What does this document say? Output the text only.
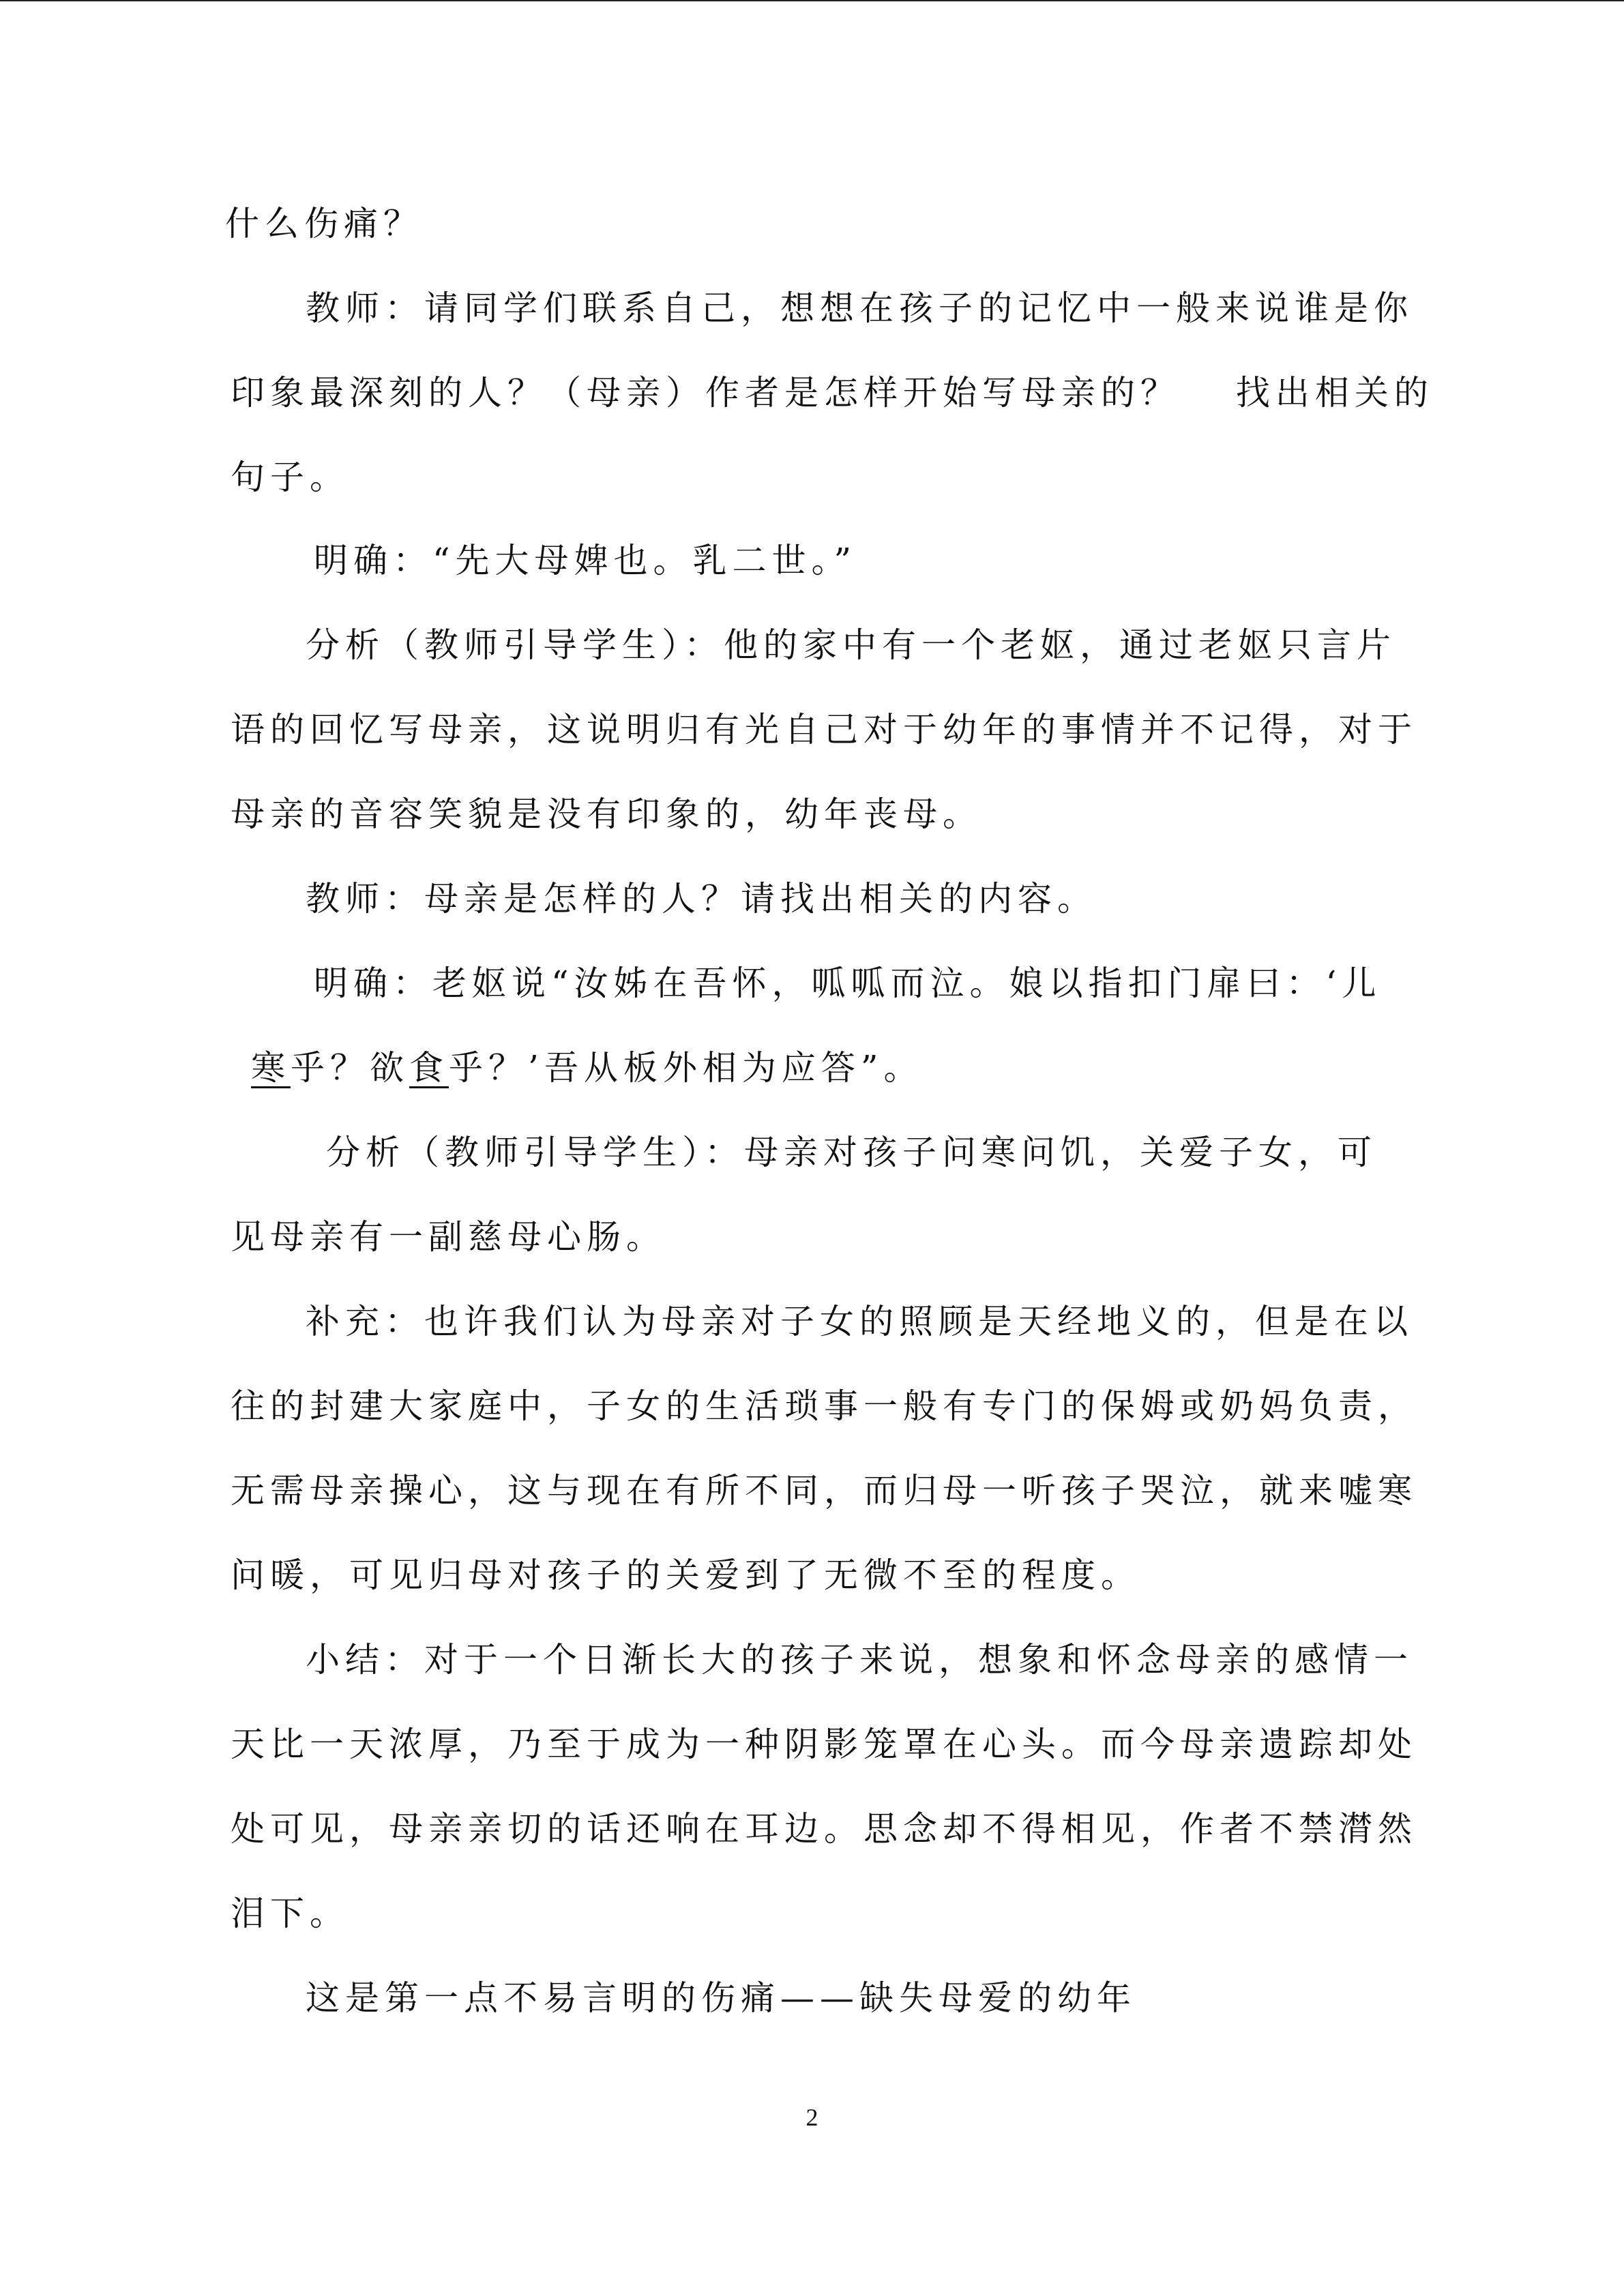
什么伤痛？
教师：请同学们联系自己，想想在孩子的记忆中一般来说谁是你
印象最深刻的人？（母亲）作者是怎样开始写母亲的？　 找出相关的
句子。
明确：“先大母婢也。乳二世。”
分析（教师引导学生）：他的家中有一个老妪，通过老妪只言片
语的回忆写母亲，这说明归有光自己对于幼年的事情并不记得，对于
母亲的音容笑貌是没有印象的，幼年丧母。
教师：母亲是怎样的人？请找出相关的内容。
明确：老妪说“汝姊在吾怀，呱呱而泣。娘以指扣门扉曰：‘儿
寒乎？欲食乎？’吾从板外相为应答”。
分析（教师引导学生）：母亲对孩子问寒问饥，关爱子女，可
见母亲有一副慈母心肠。
补充：也许我们认为母亲对子女的照顾是天经地义的，但是在以
往的封建大家庭中，子女的生活琐事一般有专门的保姆或奶妈负责，
无需母亲操心，这与现在有所不同，而归母一听孩子哭泣，就来嘘寒
问暖，可见归母对孩子的关爱到了无微不至的程度。
小结：对于一个日渐长大的孩子来说，想象和怀念母亲的感情一
天比一天浓厚，乃至于成为一种阴影笼罩在心头。而今母亲遗踪却处
处可见，母亲亲切的话还响在耳边。思念却不得相见，作者不禁潸然
泪下。
这是第一点不易言明的伤痛——缺失母爱的幼年
2
